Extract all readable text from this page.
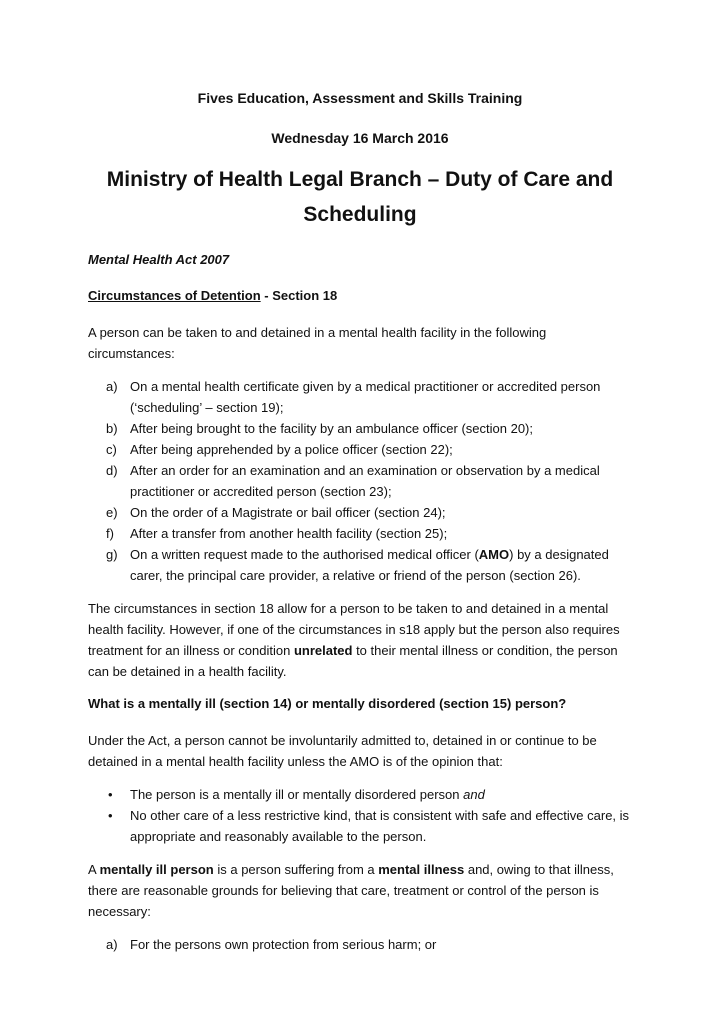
Fives Education, Assessment and Skills Training
Wednesday 16 March 2016
Ministry of Health Legal Branch – Duty of Care and Scheduling
Mental Health Act 2007
Circumstances of Detention - Section 18

A person can be taken to and detained in a mental health facility in the following circumstances:

a) On a mental health certificate given by a medical practitioner or accredited person (‘scheduling’ – section 19);
b) After being brought to the facility by an ambulance officer (section 20);
c) After being apprehended by a police officer (section 22);
d) After an order for an examination and an examination or observation by a medical practitioner or accredited person (section 23);
e) On the order of a Magistrate or bail officer (section 24);
f) After a transfer from another health facility (section 25);
g) On a written request made to the authorised medical officer (AMO) by a designated carer, the principal care provider, a relative or friend of the person (section 26).

The circumstances in section 18 allow for a person to be taken to and detained in a mental health facility. However, if one of the circumstances in s18 apply but the person also requires treatment for an illness or condition unrelated to their mental illness or condition, the person can be detained in a health facility.

What is a mentally ill (section 14) or mentally disordered (section 15) person?

Under the Act, a person cannot be involuntarily admitted to, detained in or continue to be detained in a mental health facility unless the AMO is of the opinion that:

• The person is a mentally ill or mentally disordered person and
• No other care of a less restrictive kind, that is consistent with safe and effective care, is appropriate and reasonably available to the person.

A mentally ill person is a person suffering from a mental illness and, owing to that illness, there are reasonable grounds for believing that care, treatment or control of the person is necessary:

a) For the persons own protection from serious harm; or
